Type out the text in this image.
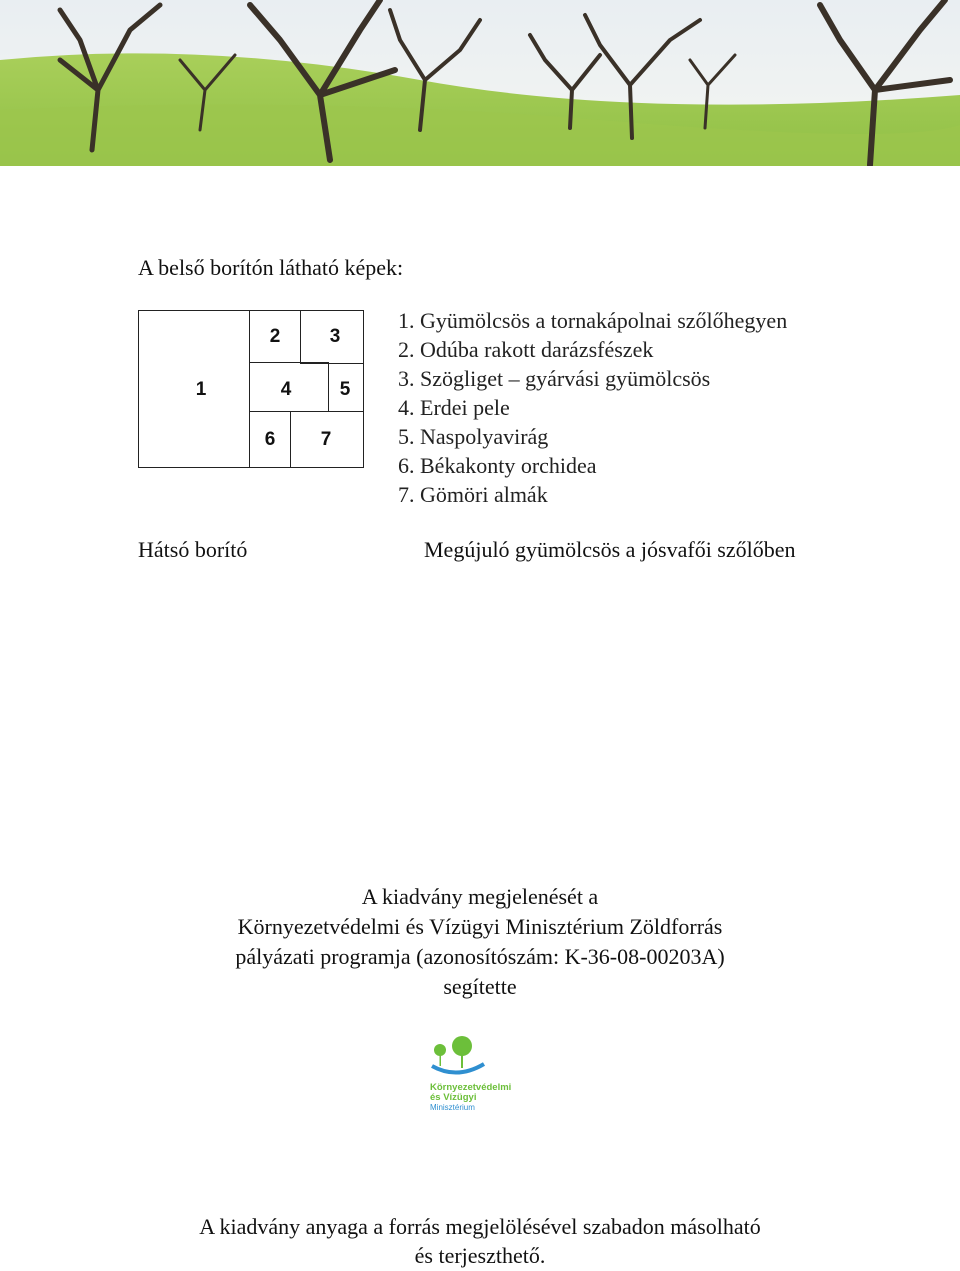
A belső borítón látható képek:
1
2	3
4	5
6 7
1. Gyümölcsös a tornakápolnai szőlőhegyen
2. Odúba rakott darázsfészek
3. Szögliget – gyárvási gyümölcsös
4. Erdei pele
5. Naspolyavirág
6. Békakonty orchidea
7. Gömöri almák
Hátsó borító	Megújuló gyümölcsös a jósvafői szőlőben
A kiadvány megjelenését a
Környezetvédelmi és Vízügyi Minisztérium Zöldforrás
pályázati programja (azonosítószám: K-36-08-00203A)
segítette
Környezetvédelmi
és Vízügyi
Minisztérium
A kiadvány anyaga a forrás megjelölésével szabadon másolható
és terjeszthető.
